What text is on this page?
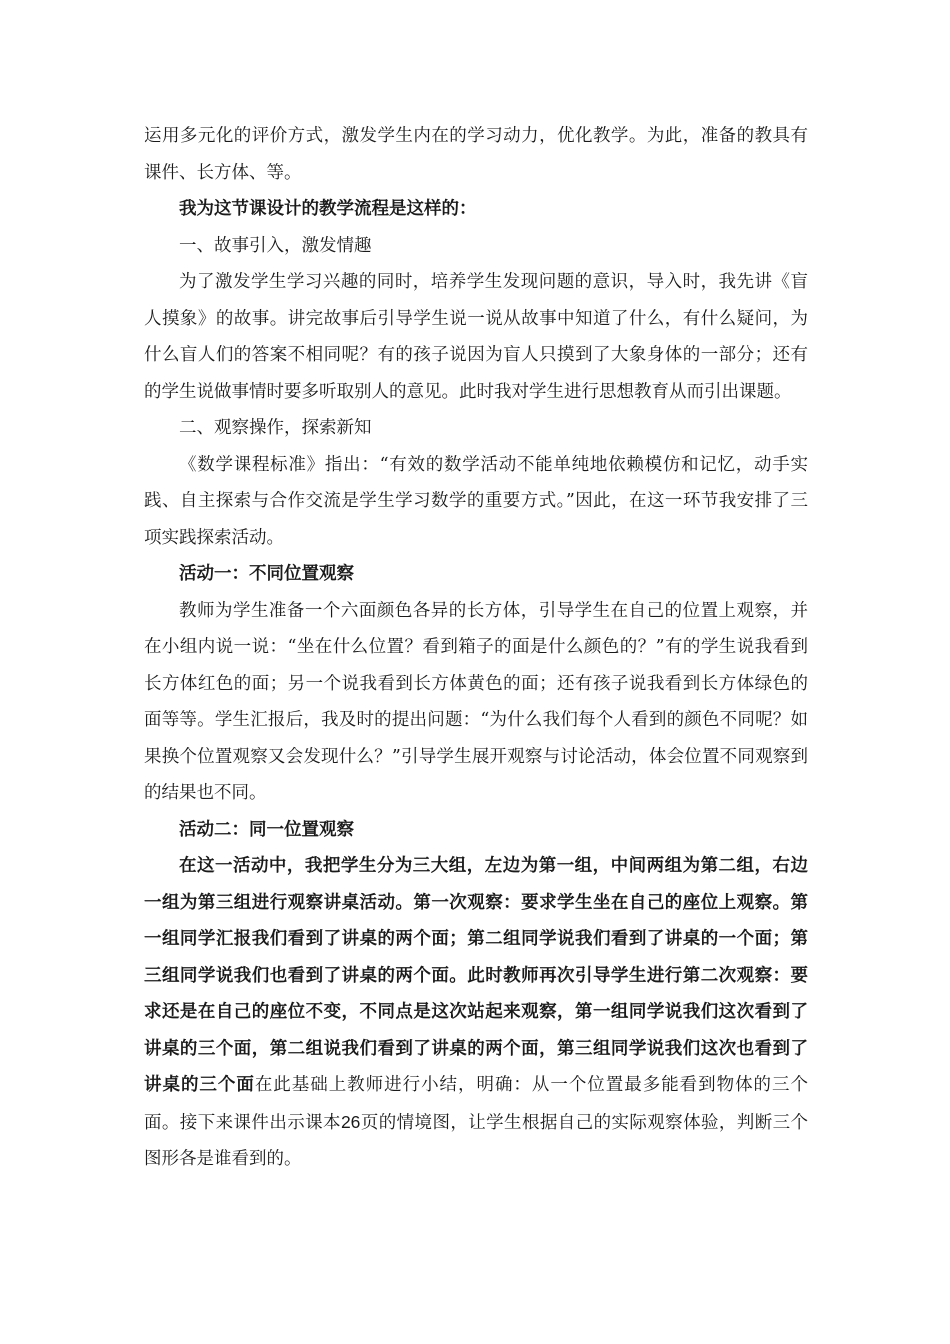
运用多元化的评价方式，激发学生内在的学习动力，优化教学。为此，准备的教具有课件、长方体、等。

我为这节课设计的教学流程是这样的：

一、故事引入，激发情趣

为了激发学生学习兴趣的同时，培养学生发现问题的意识，导入时，我先讲《盲人摸象》的故事。讲完故事后引导学生说一说从故事中知道了什么，有什么疑问，为什么盲人们的答案不相同呢？有的孩子说因为盲人只摸到了大象身体的一部分；还有的学生说做事情时要多听取别人的意见。此时我对学生进行思想教育从而引出课题。

二、观察操作，探索新知

《数学课程标准》指出：“有效的数学活动不能单纯地依赖模仿和记忆，动手实践、自主探索与合作交流是学生学习数学的重要方式。”因此，在这一环节我安排了三项实践探索活动。

活动一：不同位置观察

教师为学生准备一个六面颜色各异的长方体，引导学生在自己的位置上观察，并在小组内说一说：“坐在什么位置？看到箱子的面是什么颜色的？”有的学生说我看到长方体红色的面；另一个说我看到长方体黄色的面；还有孩子说我看到长方体绿色的面等等。学生汇报后，我及时的提出问题：“为什么我们每个人看到的颜色不同呢？如果换个位置观察又会发现什么？”引导学生展开观察与讨论活动，体会位置不同观察到的结果也不同。

活动二：同一位置观察

在这一活动中，我把学生分为三大组，左边为第一组，中间两组为第二组，右边一组为第三组进行观察讲桌活动。第一次观察：要求学生坐在自己的座位上观察。第一组同学汇报我们看到了讲桌的两个面；第二组同学说我们看到了讲桌的一个面；第三组同学说我们也看到了讲桌的两个面。此时教师再次引导学生进行第二次观察：要求还是在自己的座位不变，不同点是这次站起来观察，第一组同学说我们这次看到了讲桌的三个面，第二组说我们看到了讲桌的两个面，第三组同学说我们这次也看到了讲桌的三个面在此基础上教师进行小结，明确：从一个位置最多能看到物体的三个面。接下来课件出示课本26页的情境图，让学生根据自己的实际观察体验，判断三个图形各是谁看到的。
